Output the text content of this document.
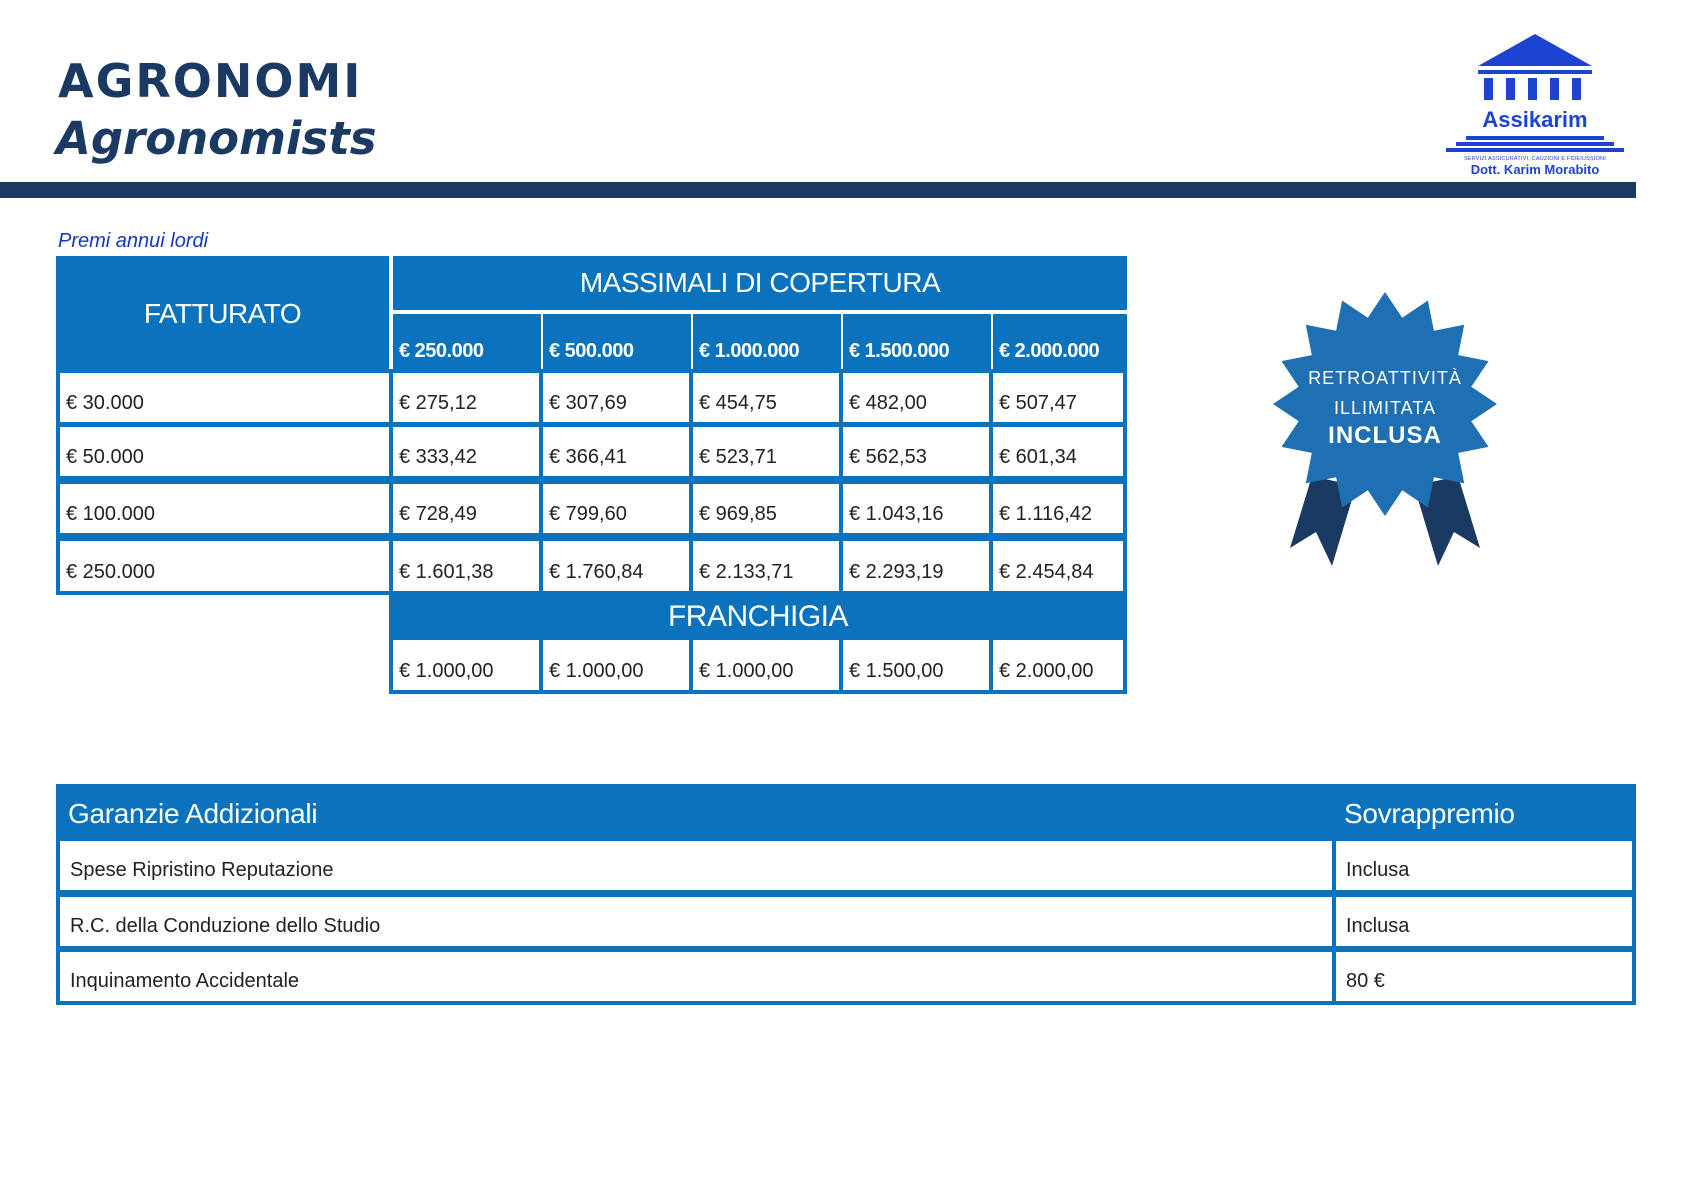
AGRONOMI
Agronomists	Assikarim
SERVIZI ASSICURATIVI, CAUZIONI E FIDEIUSSIONI
Dott. Karim Morabito
Premi annui lordi
FATTURATO
MASSIMALI DI COPERTURA
€ 250.000	€ 500.000	€ 1.000.000	€ 1.500.000	€ 2.000.000
€ 30.000	€ 275,12	€ 307,69	€ 454,75	€ 482,00	€ 507,47
€ 50.000	€ 333,42	€ 366,41	€ 523,71	€ 562,53	€ 601,34
€ 100.000	€ 728,49	€ 799,60	€ 969,85	€ 1.043,16	€ 1.116,42
€ 250.000	€ 1.601,38	€ 1.760,84	€ 2.133,71	€ 2.293,19	€ 2.454,84
FRANCHIGIA
€ 1.000,00	€ 1.000,00	€ 1.000,00	€ 1.500,00	€ 2.000,00
RETROATTIVITÀ
ILLIMITATA
INCLUSA
Garanzie Addizionali	Sovrappremio
Spese Ripristino Reputazione	Inclusa
R.C. della Conduzione dello Studio	Inclusa
Inquinamento Accidentale	80 €
